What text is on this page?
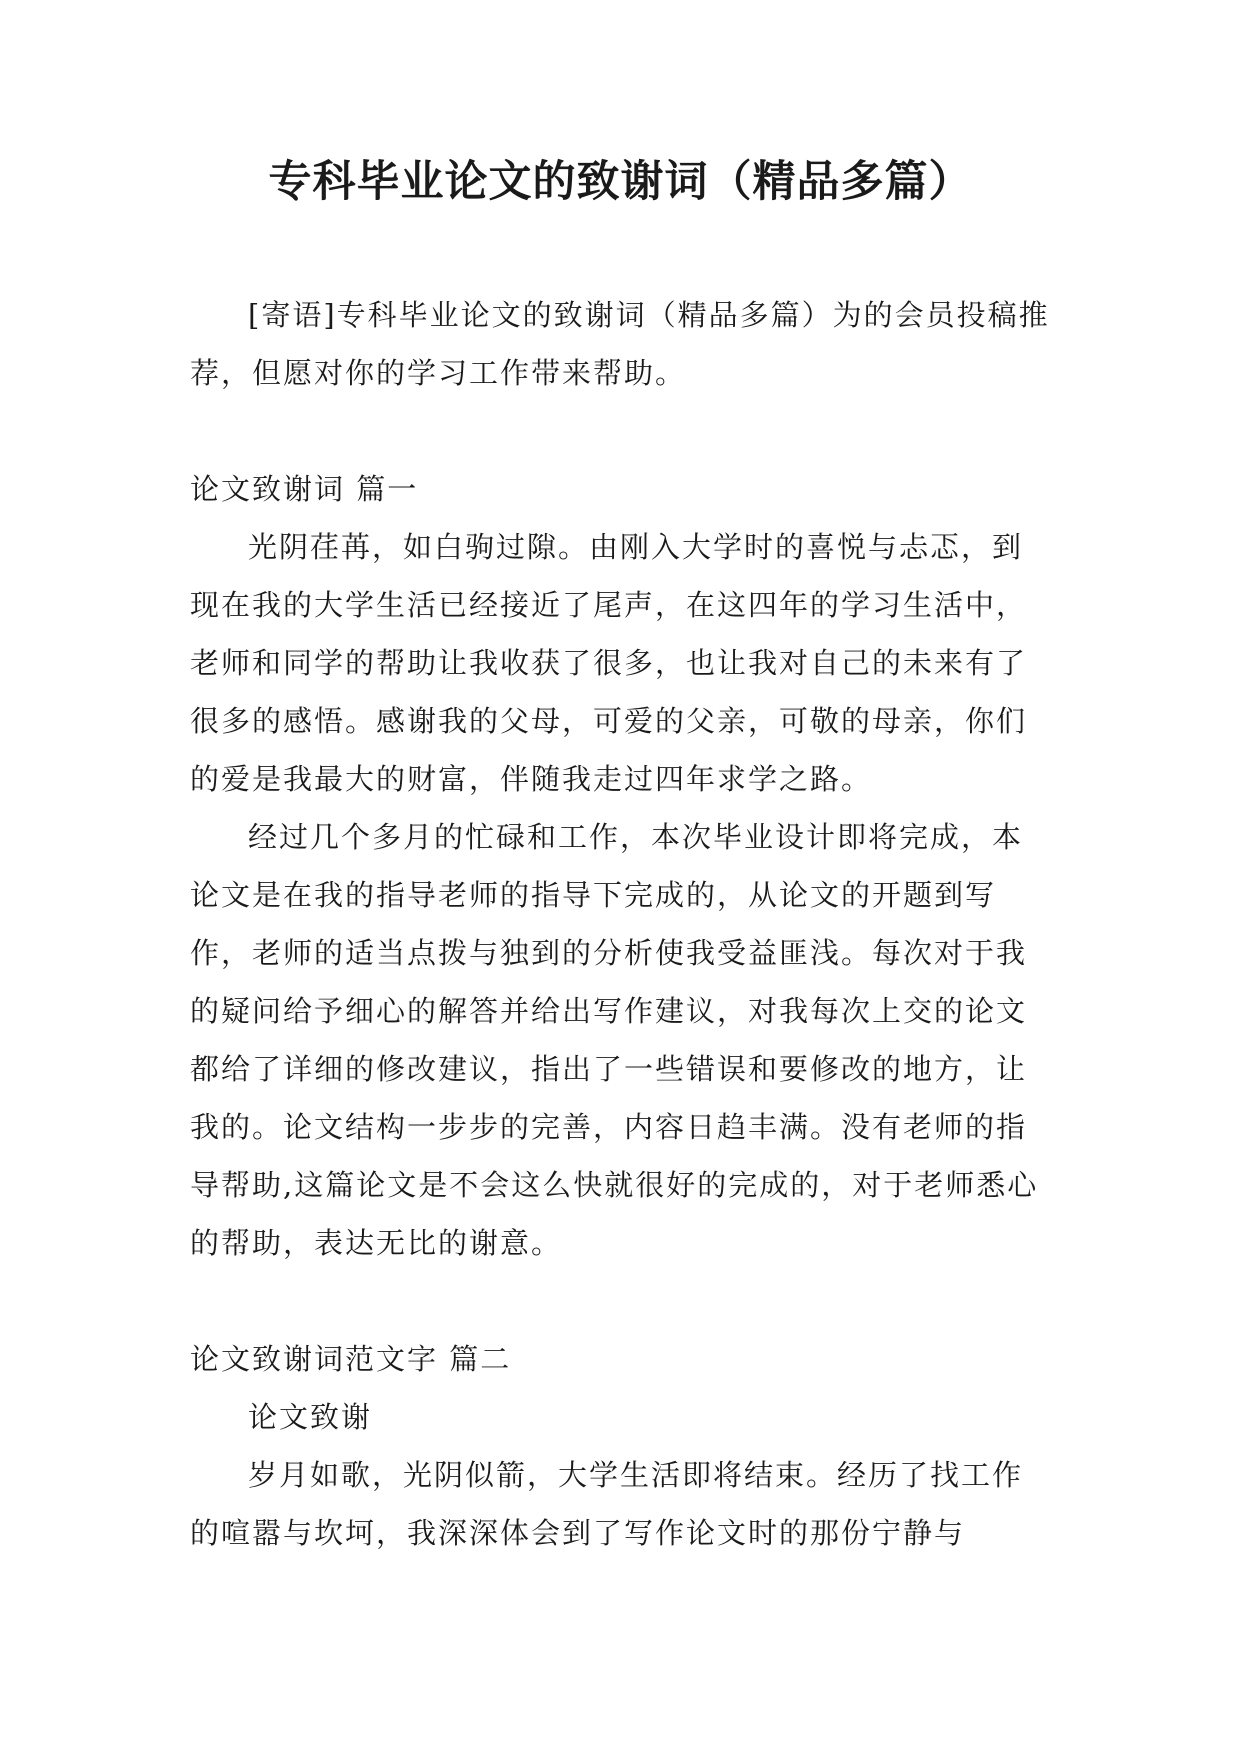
专科毕业论文的致谢词（精品多篇）

[寄语]专科毕业论文的致谢词（精品多篇）为的会员投稿推荐，但愿对你的学习工作带来帮助。

论文致谢词 篇一

光阴荏苒，如白驹过隙。由刚入大学时的喜悦与忐忑，到现在我的大学生活已经接近了尾声，在这四年的学习生活中，老师和同学的帮助让我收获了很多，也让我对自己的未来有了很多的感悟。感谢我的父母，可爱的父亲，可敬的母亲，你们的爱是我最大的财富，伴随我走过四年求学之路。

经过几个多月的忙碌和工作，本次毕业设计即将完成，本论文是在我的指导老师的指导下完成的，从论文的开题到写作，老师的适当点拨与独到的分析使我受益匪浅。每次对于我的疑问给予细心的解答并给出写作建议，对我每次上交的论文都给了详细的修改建议，指出了一些错误和要修改的地方，让我的。论文结构一步步的完善，内容日趋丰满。没有老师的指导帮助,这篇论文是不会这么快就很好的完成的，对于老师悉心的帮助，表达无比的谢意。

论文致谢词范文字 篇二

论文致谢

岁月如歌，光阴似箭，大学生活即将结束。经历了找工作的喧嚣与坎坷，我深深体会到了写作论文时的那份宁静与
